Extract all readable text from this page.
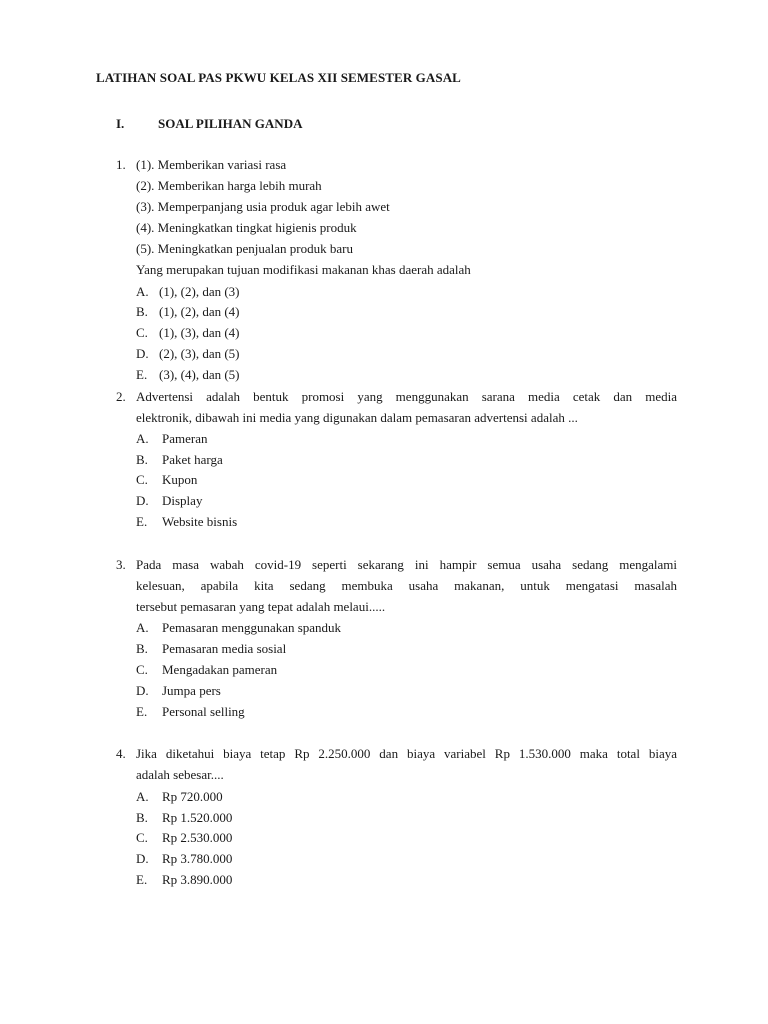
LATIHAN SOAL PAS PKWU KELAS XII SEMESTER GASAL
I.	SOAL PILIHAN GANDA
1. (1). Memberikan variasi rasa
(2). Memberikan harga lebih murah
(3). Memperpanjang usia produk agar lebih awet
(4). Meningkatkan tingkat higienis produk
(5). Meningkatkan penjualan produk baru
Yang merupakan tujuan modifikasi makanan khas daerah adalah
A. (1), (2), dan (3)
B. (1), (2), dan (4)
C. (1), (3), dan (4)
D. (2), (3), dan (5)
E. (3), (4), dan (5)
2. Advertensi adalah bentuk promosi yang menggunakan sarana media cetak dan media
elektronik, dibawah ini media yang digunakan dalam pemasaran advertensi adalah ...
A. Pameran
B. Paket harga
C. Kupon
D. Display
E. Website bisnis
3. Pada masa wabah covid-19 seperti sekarang ini hampir semua usaha sedang mengalami
kelesuan, apabila kita sedang membuka usaha makanan, untuk mengatasi masalah
tersebut pemasaran yang tepat adalah melaui.....
A. Pemasaran menggunakan spanduk
B. Pemasaran media sosial
C. Mengadakan pameran
D. Jumpa pers
E. Personal selling
4. Jika diketahui biaya tetap Rp 2.250.000 dan biaya variabel Rp 1.530.000 maka total biaya
adalah sebesar....
A. Rp 720.000
B. Rp 1.520.000
C. Rp 2.530.000
D. Rp 3.780.000
E. Rp 3.890.000
